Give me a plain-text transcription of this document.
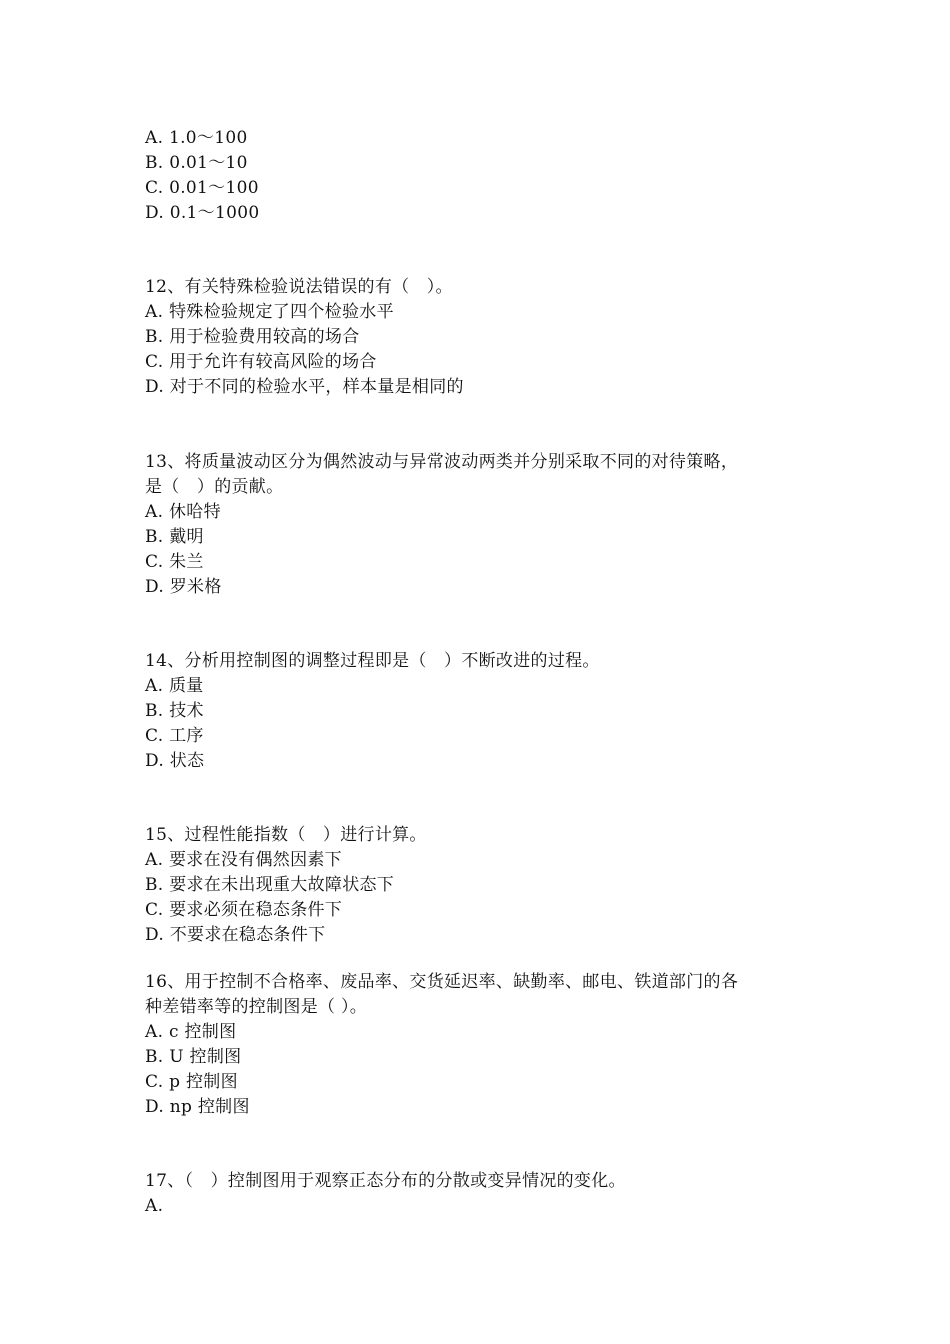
A. 1.0～100
B. 0.01～10
C. 0.01～100
D. 0.1～1000
12、有关特殊检验说法错误的有（　）。
A. 特殊检验规定了四个检验水平
B. 用于检验费用较高的场合
C. 用于允许有较高风险的场合
D. 对于不同的检验水平，样本量是相同的
13、将质量波动区分为偶然波动与异常波动两类并分别采取不同的对待策略，
是（　）的贡献。
A. 休哈特
B. 戴明
C. 朱兰
D. 罗米格
14、分析用控制图的调整过程即是（　）不断改进的过程。
A. 质量
B. 技术
C. 工序
D. 状态
15、过程性能指数（　）进行计算。
A. 要求在没有偶然因素下
B. 要求在未出现重大故障状态下
C. 要求必须在稳态条件下
D. 不要求在稳态条件下
16、用于控制不合格率、废品率、交货延迟率、缺勤率、邮电、铁道部门的各
种差错率等的控制图是（ ）。
A. c 控制图
B. U 控制图
C. p 控制图
D. np 控制图
17、（　）控制图用于观察正态分布的分散或变异情况的变化。
A.
